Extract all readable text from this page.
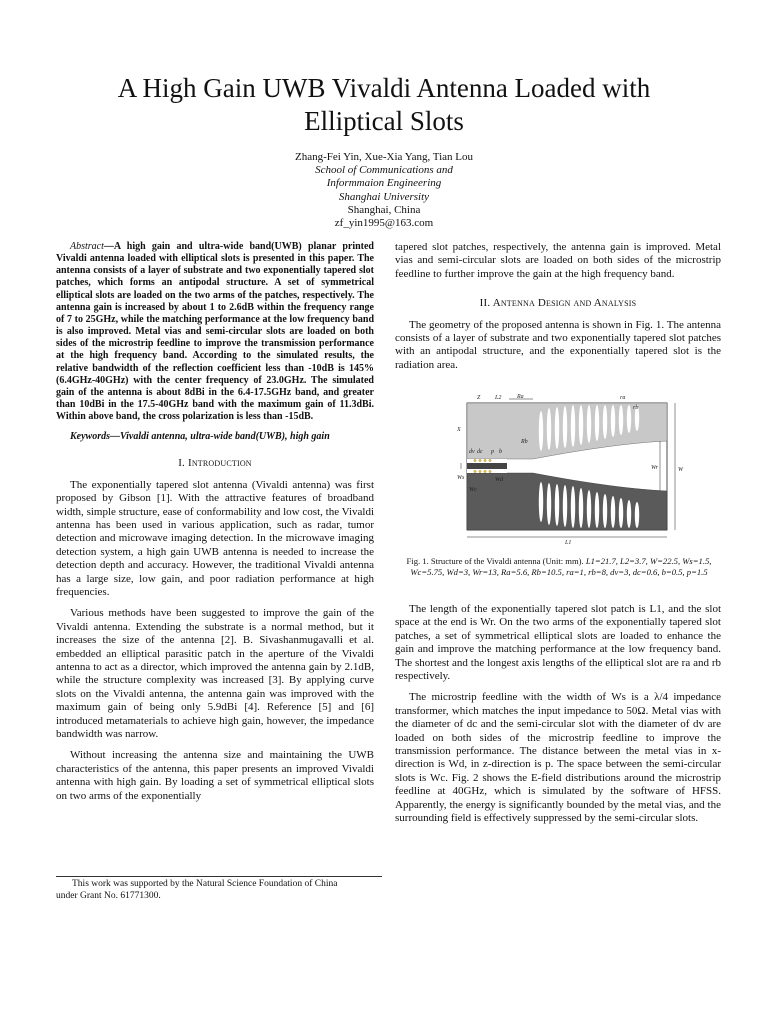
A High Gain UWB Vivaldi Antenna Loaded with
Elliptical Slots
Zhang-Fei Yin, Xue-Xia Yang, Tian Lou
School of Communications and
Informmaion Engineering
Shanghai University
Shanghai, China
zf_yin1995@163.com

Abstract—A high gain and ultra-wide band(UWB) planar printed Vivaldi antenna loaded with elliptical slots is presented in this paper. The antenna consists of a layer of substrate and two exponentially tapered slot patches, which forms an antipodal structure. A set of symmetrical elliptical slots are loaded on the two arms of the patches, respectively. The antenna gain is increased by about 1 to 2.6dB within the frequency range of 7 to 25GHz, while the matching performance at the low frequency band is also improved. Metal vias and semi-circular slots are loaded on both sides of the microstrip feedline to improve the transmission performance at the high frequency band. According to the simulated results, the relative bandwidth of the reflection coefficient less than -10dB is 145% (6.4GHz-40GHz) with the center frequency of 23.0GHz. The simulated gain of the antenna is about 8dBi in the 6.4-17.5GHz band, and greater than 10dBi in the 17.5-40GHz band with the maximum gain of 11.3dBi. Within above band, the cross polarization is less than -15dB.

Keywords—Vivaldi antenna, ultra-wide band(UWB), high gain

I. Introduction

The exponentially tapered slot antenna (Vivaldi antenna) was first proposed by Gibson [1]. With the attractive features of broadband width, simple structure, ease of conformability and low cost, the Vivaldi antenna has been used in various application, such as radar, tumor detection and microwave imaging detection. In the microwave imaging detection system, a high gain UWB antenna is needed to increase the detection depth and accuracy. However, the traditional Vivaldi antenna has a large size, low gain, and poor radiation performance at high frequencies.

Various methods have been suggested to improve the gain of the Vivaldi antenna. Extending the substrate is a normal method, but it increases the size of the antenna [2]. B. Sivashanmugavalli et al. embedded an elliptical parasitic patch in the aperture of the Vivaldi antenna to act as a director, which improved the antenna gain by 2.1dB, while the structure complexity was increased [3]. By applying curve slots on the Vivaldi antenna, the antenna gain was improved with the maximum gain of being only 5.9dBi [4]. Reference [5] and [6] introduced metamaterials to achieve high gain, however, the impedance bandwidth was narrow.

Without increasing the antenna size and maintaining the UWB characteristics of the antenna, this paper presents an improved Vivaldi antenna with high gain. By loading a set of symmetrical elliptical slots on two arms of the exponentially

tapered slot patches, respectively, the antenna gain is improved. Metal vias and semi-circular slots are loaded on both sides of the microstrip feedline to further improve the gain at the high frequency band.

II. Antenna Design and Analysis

The geometry of the proposed antenna is shown in Fig. 1. The antenna consists of a layer of substrate and two exponentially tapered slot patches with an antipodal structure, and the exponentially tapered slot is the radiation area.

L1
W
Wr
Ra
Rb
ra
rb
Ws	Wd
Wc
dc
dv	b
p
L2
X
Z
Fig. 1. Structure of the Vivaldi antenna (Unit: mm). L1=21.7, L2=3.7, W=22.5, Ws=1.5, Wc=5.75, Wd=3, Wr=13, Ra=5.6, Rb=10.5, ra=1, rb=8, dv=3, dc=0.6, b=0.5, p=1.5

The length of the exponentially tapered slot patch is L1, and the slot space at the end is Wr. On the two arms of the exponentially tapered slot patches, a set of symmetrical elliptical slots are loaded to enhance the gain and improve the matching performance at the low frequency band. The shortest and the longest axis lengths of the elliptical slot are ra and rb respectively.

The microstrip feedline with the width of Ws is a λ/4 impedance transformer, which matches the input impedance to 50Ω. Metal vias with the diameter of dc and the semi-circular slot with the diameter of dv are loaded on both sides of the microstrip feedline to improve the transmission performance. The distance between the metal vias in x-direction is Wd, in z-direction is p. The space between the semi-circular slots is Wc. Fig. 2 shows the E-field distributions around the microstrip feedline at 40GHz, which is simulated by the software of HFSS. Apparently, the energy is significantly bounded by the metal vias, and the surrounding field is effectively suppressed by the semi-circular slots.

This work was supported by the Natural Science Foundation of China
under Grant No. 61771300.
